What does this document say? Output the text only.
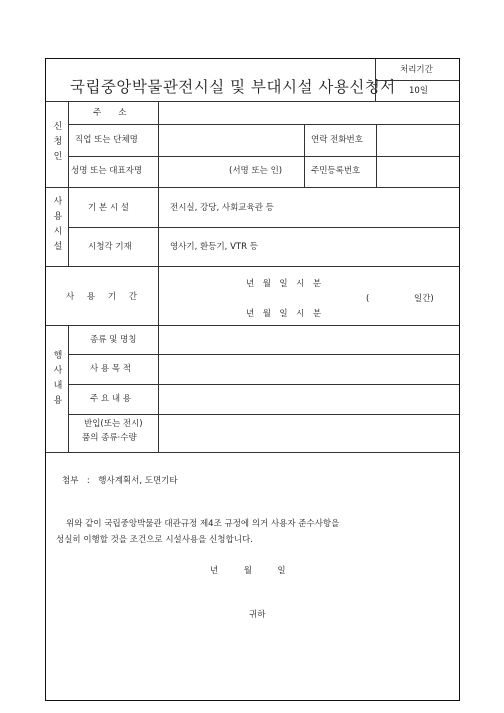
국립중앙박물관전시실 및 부대시설 사용신청서
처리기간
10일
신
청
인
주　　소
직업 또는 단체명	연락 전화번호
성명 또는 대표자명	(서명 또는 인)	주민등록번호
사
용
시
설
기 본 시 설	전시실, 강당, 사회교육관 등
시청각 기재	영사기, 환등기, VTR 등
사 용 기 간
년　월　일　시　분
(	일간)
년　월　일　시　분
행
사
내
용
종류 및 명칭
사 용 목 적
주 요 내 용
반입(또는 전시)
품의 종류·수량
첨부　:　행사계획서, 도면기타
위와 같이 국립중앙박물관 대관규정 제4조 규정에 의거 사용자 준수사항을
성실히 이행할 것을 조건으로 시설사용을 신청합니다.
년　　　월　　　일
귀하
